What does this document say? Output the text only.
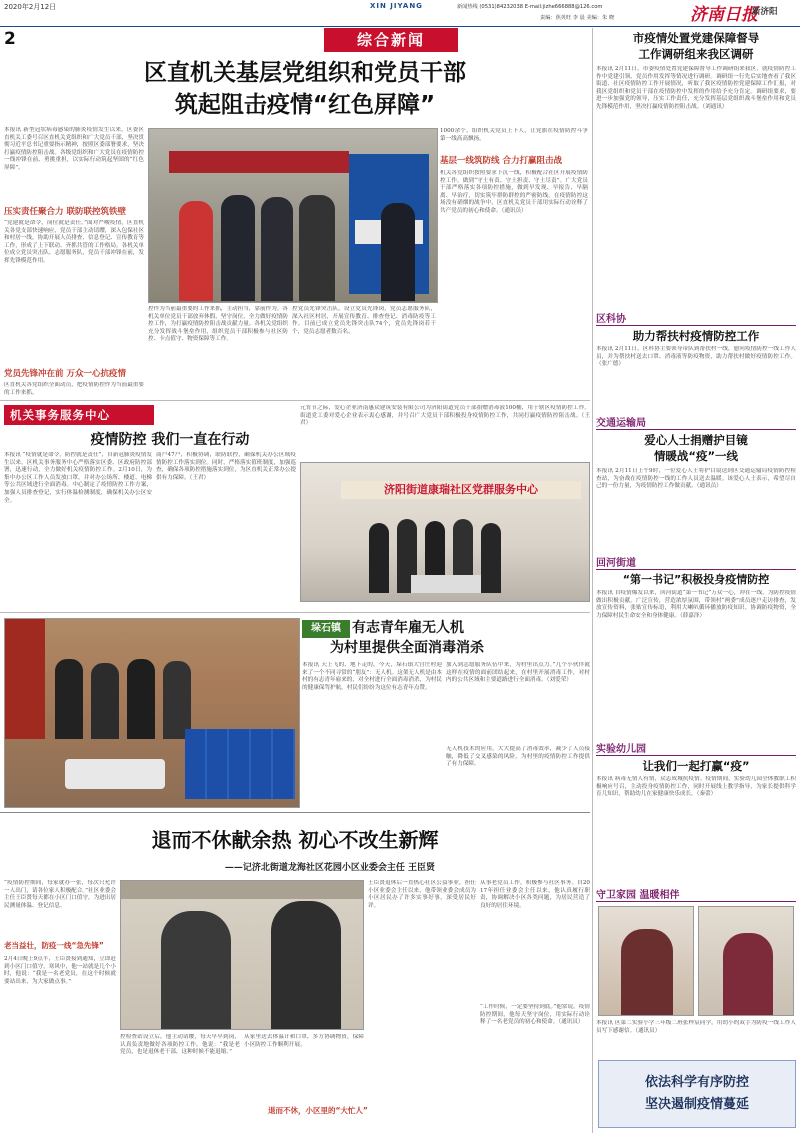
2020年2月12日	XIN JIYANG	新闻热线 (0531)84232038 E-mail:jizhe666888@126.com
责编：焦英旺 李 晨 美编：朱 晓	济南日报
新济阳
2	综合新闻
区直机关基层党组织和党员干部
筑起阻击疫情“红色屏障”
本报讯 新型冠状病毒感染的肺炎疫情发生以来，区委区直机关工委号召区直机关党组织和广大党员干部，坚决贯彻习近平总书记重要指示精神，按照区委部署要求，坚决打赢疫情防控阻击战。各级党组织和广大党员在疫情防控一线冲锋在前、勇挑重担，以实际行动筑起坚固的“红色屏障”。
压实责任聚合力 联防联控筑铁壁
“党建就是命令，岗位就是责任。”面对严峻疫情，区直机关各党支部快速响应，党员干部主动请缨，深入包保社区和村居一线，协助开展人员排查、信息登记、宣传教育等工作，形成了上下联动、齐抓共管的工作格局。各机关单位成立党员突击队、志愿服务队，党员干部冲锋在前，发挥先锋模范作用。
党员先锋冲在前 万众一心抗疫情
区直机关各党组织全面动员，把疫情防控作为当前最重要的工作来抓。
控作为当前最重要的工作来抓，主动担当，靠前作为。各机关单位党员干部放弃休假，坚守岗位，全力做好疫情防控工作，为打赢疫情防控阻击战贡献力量。各机关党组织充分发挥战斗堡垒作用，组织党员干部积极参与社区防控、卡点值守、物资保障等工作。
控党员先锋突击队，设立党员先锋岗，党员志愿服务队，深入社区村居，开展宣传教育、排查登记、消毒防疫等工作。目前已成立党员先锋突击队74个，党员先锋岗若干个，党员志愿者数百名。
1000余个，组织机关党员上下人，让党旗在疫情防控斗争第一线高高飘扬。
基层一线筑防线 合力打赢阻击战
机关各党组织按照要求下沉一线，积极配合社区开展疫情防控工作，做到“守土有责、守土担责、守土尽责”。广大党员干部严格落实各项防控措施，做到早发现、早报告、早隔离、早治疗，切实筑牢群防群控的严密防线。在疫情防控这场没有硝烟的战争中，区直机关党员干部用实际行动诠释了共产党员的初心和使命。（通讯员）
机关事务服务中心
疫情防控 我们一直在行动
本报讯 “疫情就是命令，防控就是责任”，自新冠肺炎疫情发生以来，区机关事务服务中心严格落实区委、区政府防控部署，迅速行动，全力做好机关疫情防控工作。2月10日，为集中办公区工作人员发放口罩，并对办公场所、楼道、电梯等公共区域进行全面消毒。中心制定了疫情防控工作方案，加强人员排查登记，实行体温检测制度，确保机关办公区安全。
商户47户，积极协调，联防联控，确保机关办公区域疫情防控工作落实到位。同时，严格落实值班制度，加强巡查，确保各项防控措施落实到位，为区直机关正常办公提供有力保障。（王君）
元宵节之际，爱心企业济南惠众建筑安装有限公司为济阳街道党员干部捐赠消毒液100桶，用于辖区疫情防控工作。街道党工委对爱心企业表示衷心感谢，并号召广大党员干部积极投身疫情防控工作，共同打赢疫情防控阻击战。（王君）
济阳街道康瑞社区党群服务中心
垛石镇 有志青年雇无人机
为村里提供全面消毒消杀
本报讯 天上飞的、地下走的，今天，垛石镇大宫庄村迎来了一个不同寻常的“朋友”：无人机。这架无人机是由本村的有志青年雇来的，对全村进行全面消毒消杀，为村民的健康保驾护航。村民们纷纷为这位有志青年点赞。
加入到志愿服务队伍中来，为村里出点力。”几个小伙伴就这样在疫情的面前团结起来，在村里开展消毒工作，对村内的公共区域和主要道路进行全面消毒。（刘爱荣）
无人机技术的应用，大大提高了消毒效率，减少了人员接触，降低了交叉感染的风险，为村里的疫情防控工作提供了有力保障。
退而不休献余热 初心不改生新辉
——记济北街道龙海社区花园小区业委会主任 王臣贤
“疫情防控期间，每家就办一张，每次只允许一人出门，请各位家人积极配合。”社区业委会主任王臣贤每天都在小区门口值守，为进出居民测量体温、登记信息。
老当益壮，防疫一线“急先锋”
2月4日晚上9点半，王臣贤接到通知，立即赶到小区门口值守。寒风中，他一站就是几个小时，他说：“我是一名老党员，在这个时候就要站出来，为大家做点事。”
控检查站设立后，他主动请缨，每天早早到岗，认真负责地做好各项防控工作。他说：“我是老党员，也是退休老干部，这种时候不能退缩。”
从家里送去体温计和口罩，多方协调物资，保障小区防控工作顺利开展。
退而不休，小区里的“大忙人”
王臣贤退休后一直热心社区公益事业，担任小区业委会主任以来，他带领业委会成员为小区居民办了许多实事好事，深受居民好评。
从事老党员工作，积极参与社区事务。自2017年担任业委会主任以来，他认真履行职责，协调解决小区各类问题，为居民营造了良好的居住环境。
“工作时候，一定要坚持到底。”他常说。疫情防控期间，他每天坚守岗位，用实际行动诠释了一名老党员的初心和使命。（通讯员）
市疫情处置党建保障督导
工作调研组来我区调研
本报讯 2月11日，市委疫情处置党建保障督导工作调研组来我区，就疫情防控工作中党建引领、党员作用发挥等情况进行调研。调研组一行先后实地查看了我区街道、社区疫情防控工作开展情况，听取了我区疫情防控党建保障工作汇报，对我区党组织和党员干部在疫情防控中发挥的作用给予充分肯定。调研组要求，要进一步加强党的领导，压实工作责任，充分发挥基层党组织战斗堡垒作用和党员先锋模范作用，坚决打赢疫情防控阻击战。（刘通讯）
区科协
助力帮扶村疫情防控工作
本报讯 2月11日，区科协主要领导带队到帮扶村一线，慰问疫情防控一线工作人员，并为帮扶村送去口罩、消毒液等防疫物资，助力帮扶村做好疫情防控工作。（张广德）
交通运输局
爱心人士捐赠护目镜
情暖战“疫”一线
本报讯 2月11日上午9时，一位爱心人士将护目镜送到区交通运输局疫情防控检查站，为奋战在疫情防控一线的工作人员送去温暖。该爱心人士表示，希望尽自己的一份力量，为疫情防控工作做贡献。（通讯员）
回河街道
“第一书记”积极投身疫情防控
本报讯 自疫情爆发以来，回河街道“第一书记”万众一心，冲在一线，为防控疫情做出积极贡献。广泛宣传，营造浓厚氛围，带领村“两委”成员逐户走访排查，发放宣传资料，张贴宣传标语，利用大喇叭循环播放防疫知识。协调防疫物资，全力保障村民生命安全和身体健康。（薛嘉泽）
实验幼儿园
让我们一起打赢“疫”
本报讯 病毒无情人有情，众志成城抗疫情。疫情期间，实验幼儿园全体教职工积极响应号召，主动投身疫情防控工作，同时开展线上教学指导，为家长提供科学育儿知识，帮助幼儿在家健康快乐成长。（秦蕾）
守卫家园 温暖相伴
本报讯 区第二实验小学三年级二班张梓宸同学，用幼小的双手为防疫一线工作人员写下感谢信。（通讯员）
依法科学有序防控
坚决遏制疫情蔓延
